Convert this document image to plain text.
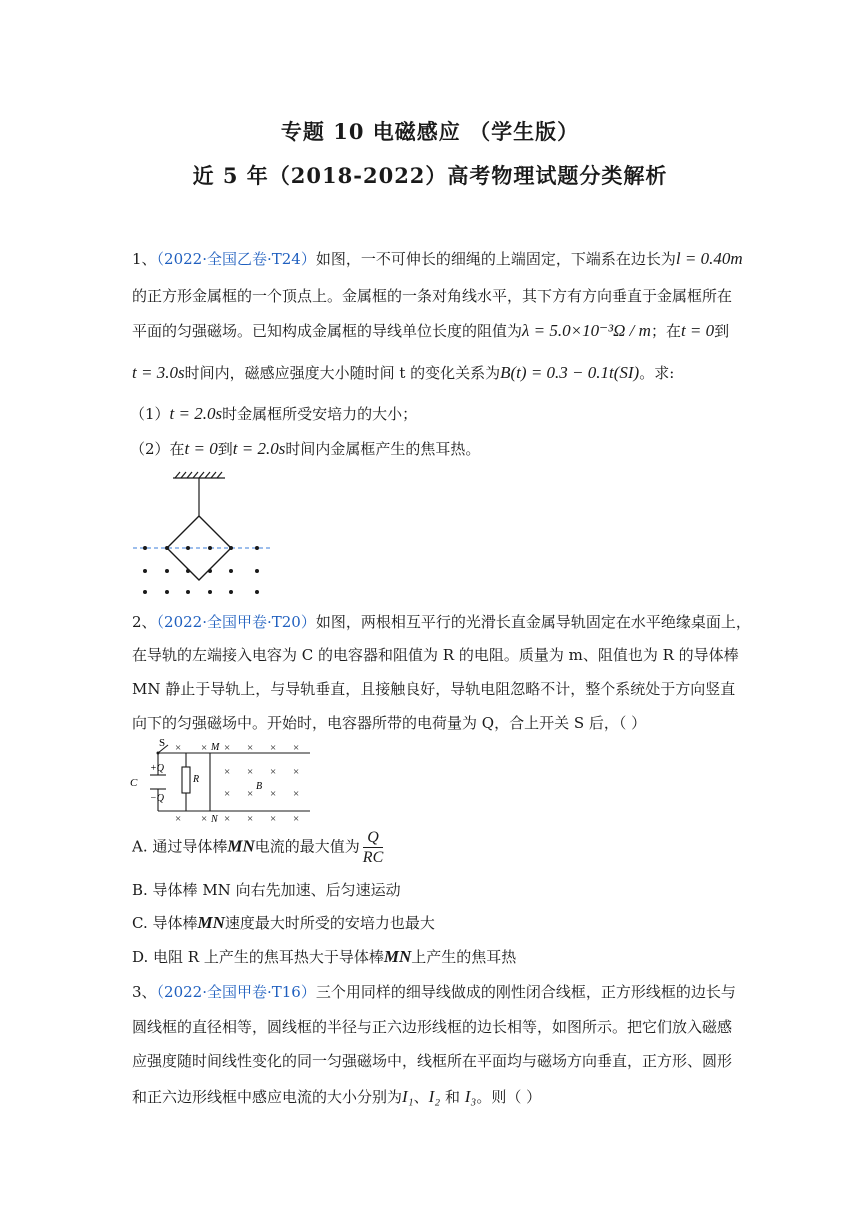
专题 10 电磁感应 （学生版）
近 5 年（2018-2022）高考物理试题分类解析
1、（2022·全国乙卷·T24）如图，一不可伸长的细绳的上端固定，下端系在边长为l = 0.40m
的正方形金属框的一个顶点上。金属框的一条对角线水平，其下方有方向垂直于金属框所在
平面的匀强磁场。已知构成金属框的导线单位长度的阻值为λ = 5.0×10⁻³Ω / m；在t = 0到
t = 3.0s时间内，磁感应强度大小随时间 t 的变化关系为B(t) = 0.3 − 0.1t(SI)。求:
（1）t = 2.0s时金属框所受安培力的大小；
（2）在t = 0到t = 2.0s时间内金属框产生的焦耳热。
2、（2022·全国甲卷·T20）如图，两根相互平行的光滑长直金属导轨固定在水平绝缘桌面上，
在导轨的左端接入电容为 C 的电容器和阻值为 R 的电阻。质量为 m、阻值也为 R 的导体棒
MN 静止于导轨上，与导轨垂直，且接触良好，导轨电阻忽略不计，整个系统处于方向竖直
向下的匀强磁场中。开始时，电容器所带的电荷量为 Q，合上开关 S 后，（ ）
S
C
+Q
−Q
R
M
N
B
× × × × × ×
× × × ×
× × × ×
× × × × × ×
A. 通过导体棒MN电流的最大值为 $\frac{Q}{RC}$
B. 导体棒 MN 向右先加速、后匀速运动
C. 导体棒MN速度最大时所受的安培力也最大
D. 电阻 R 上产生的焦耳热大于导体棒MN上产生的焦耳热
3、（2022·全国甲卷·T16）三个用同样的细导线做成的刚性闭合线框，正方形线框的边长与
圆线框的直径相等，圆线框的半径与正六边形线框的边长相等，如图所示。把它们放入磁感
应强度随时间线性变化的同一匀强磁场中，线框所在平面均与磁场方向垂直，正方形、圆形
和正六边形线框中感应电流的大小分别为I₁、I₂ 和 I₃。则（ ）
